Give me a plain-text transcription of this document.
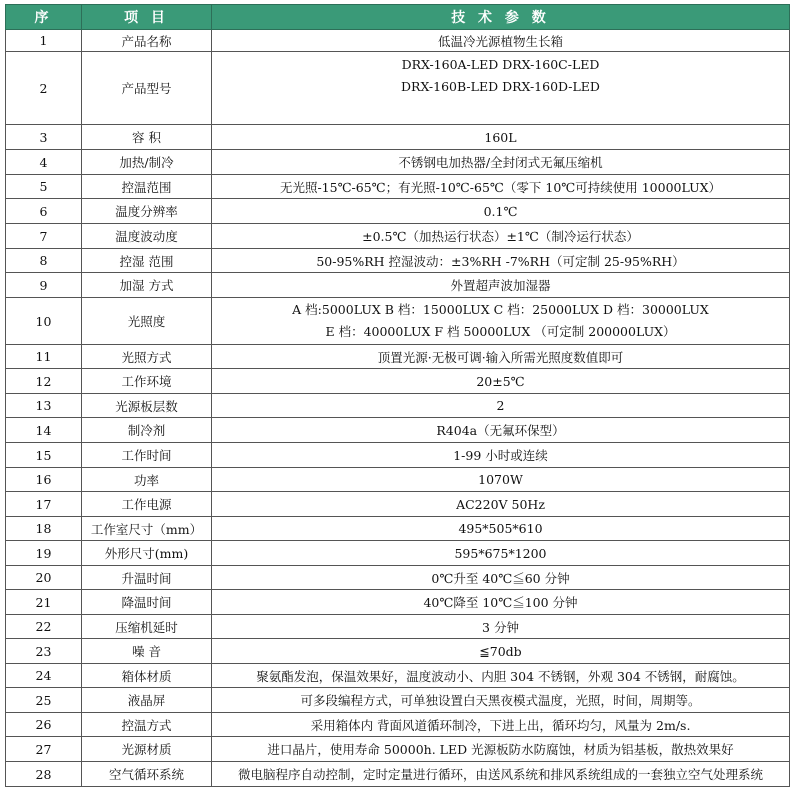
序	项 目	技 术 参 数
1	产品名称	低温冷光源植物生长箱
2	产品型号	DRX-160A-LED DRX-160C-LED
DRX-160B-LED DRX-160D-LED

3	容 积	160L
4	加热/制冷	不锈钢电加热器/全封闭式无氟压缩机
5	控温范围	无光照-15℃-65℃；有光照-10℃-65℃（零下 10℃可持续使用 10000LUX）
6	温度分辨率	0.1℃
7	温度波动度	±0.5℃（加热运行状态）±1℃（制冷运行状态）
8	控湿 范围	50-95%RH 控湿波动：±3%RH -7%RH（可定制 25-95%RH）
9	加湿 方式	外置超声波加湿器
10	光照度	A 档:5000LUX B 档：15000LUX C 档：25000LUX D 档：30000LUX
E 档：40000LUX F 档 50000LUX （可定制 200000LUX）

11	光照方式	顶置光源·无极可调·输入所需光照度数值即可
12	工作环境	20±5℃
13	光源板层数	2
14	制冷剂	R404a（无氟环保型）
15	工作时间	1-99 小时或连续
16	功率	1070W
17	工作电源	AC220V 50Hz
18	工作室尺寸（mm）	495*505*610
19	外形尺寸(mm)	595*675*1200
20	升温时间	0℃升至 40℃≦60 分钟
21	降温时间	40℃降至 10℃≦100 分钟
22	压缩机延时	3 分钟
23	噪 音	≦70db
24	箱体材质	聚氨酯发泡，保温效果好，温度波动小、内胆 304 不锈钢，外观 304 不锈钢，耐腐蚀。
25	液晶屏	可多段编程方式，可单独设置白天黑夜模式温度，光照，时间，周期等。
26	控温方式	采用箱体内 背面风道循环制冷，下进上出，循环均匀，风量为 2m/s.
27	光源材质	进口晶片，使用寿命 50000h. LED 光源板防水防腐蚀，材质为铝基板，散热效果好
28	空气循环系统	微电脑程序自动控制，定时定量进行循环，由送风系统和排风系统组成的一套独立空气处理系统
